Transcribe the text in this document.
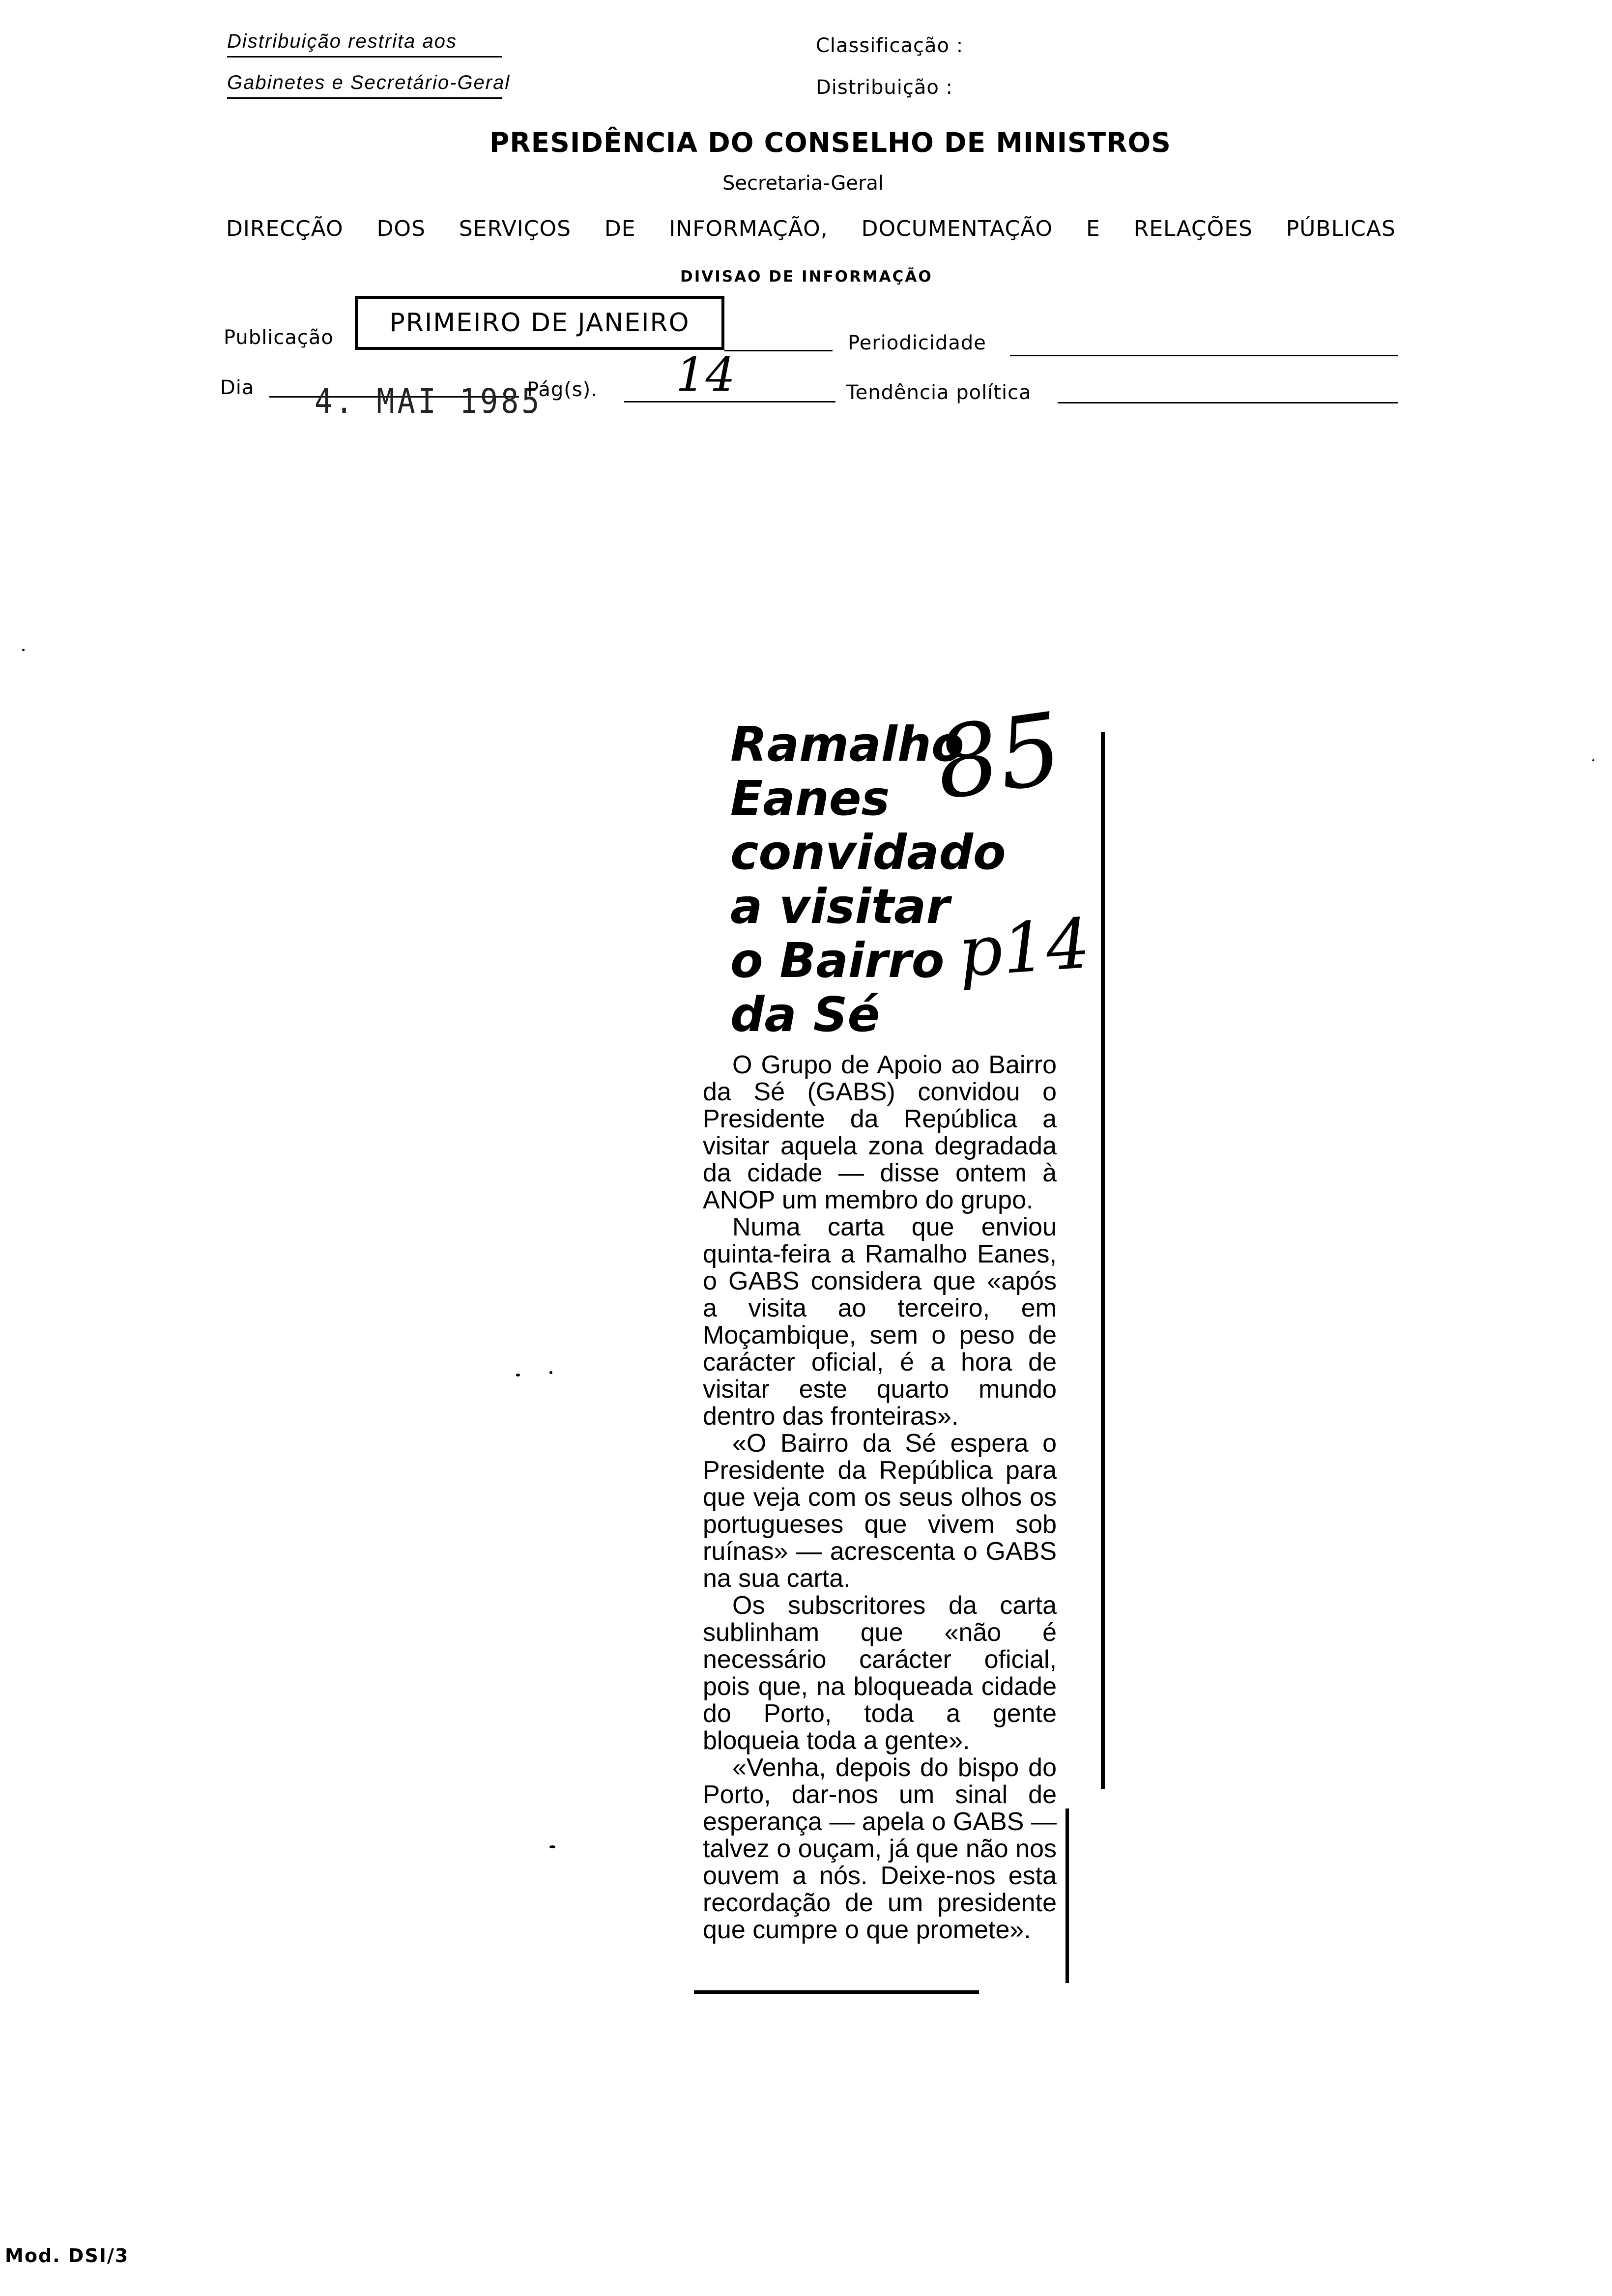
Distribuição restrita aos
Gabinetes e Secretário-Geral
Classificação :
Distribuição :
PRESIDÊNCIA DO CONSELHO DE MINISTROS
Secretaria-Geral
DIRECÇÃO DOS SERVIÇOS DE INFORMAÇÃO, DOCUMENTAÇÃO E RELAÇÕES PÚBLICAS
DIVISAO DE INFORMAÇÃO
Publicação PRIMEIRO DE JANEIRO
Periodicidade
Dia 4. MAI 1985
Pág(s). 14	Tendência política
Ramalho
Eanes
convidado
a visitar
o Bairro
da Sé
85
p14

O Grupo de Apoio ao Bairro da Sé (GABS) convidou o Presidente da República a visitar aquela zona degradada da cidade — disse ontem à ANOP um membro do grupo.

Numa carta que enviou quinta-feira a Ramalho Eanes, o GABS considera que «após a visita ao terceiro, em Moçambique, sem o peso de carácter oficial, é a hora de visitar este quarto mundo dentro das fronteiras».

«O Bairro da Sé espera o Presidente da República para que veja com os seus olhos os portugueses que vivem sob ruínas» — acrescenta o GABS na sua carta.

Os subscritores da carta sublinham que «não é necessário carácter oficial, pois que, na bloqueada cidade do Porto, toda a gente bloqueia toda a gente».

«Venha, depois do bispo do Porto, dar-nos um sinal de esperança — apela o GABS — talvez o ouçam, já que não nos ouvem a nós. Deixe-nos esta recordação de um presidente que cumpre o que promete».

Mod. DSI/3
